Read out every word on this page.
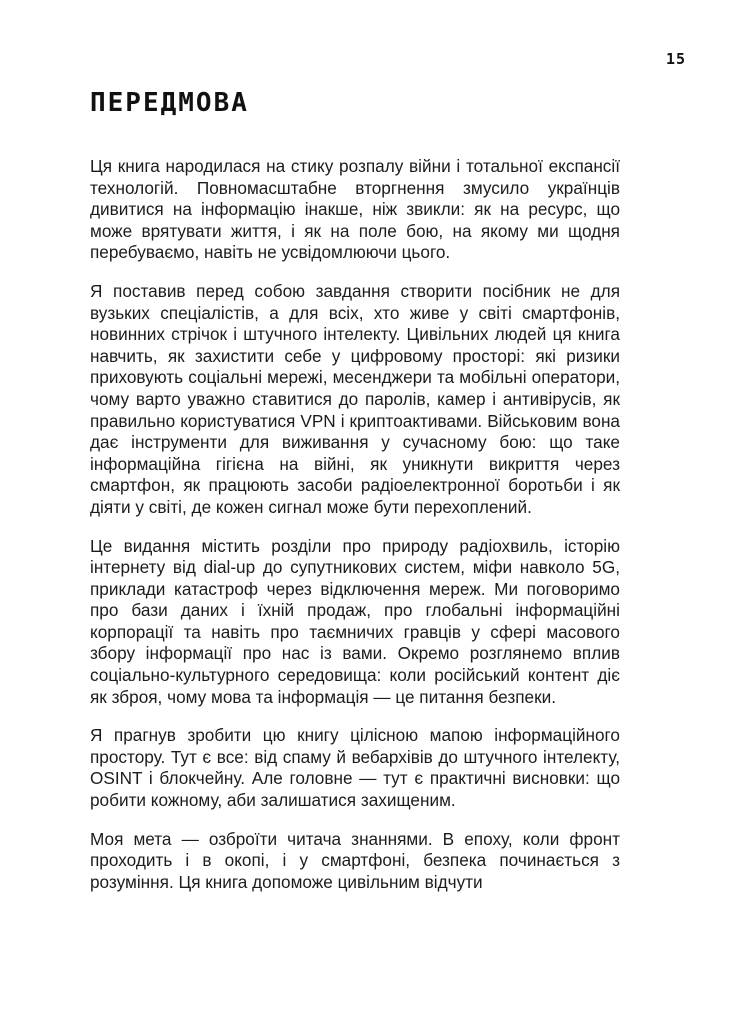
15
ПЕРЕДМОВА

Ця книга народилася на стику розпалу війни і тотальної експансії технологій. Повномасштабне вторгнення змусило українців дивитися на інформацію інакше, ніж звикли: як на ресурс, що може врятувати життя, і як на поле бою, на якому ми щодня перебуваємо, навіть не усвідомлюючи цього.

Я поставив перед собою завдання створити посібник не для вузьких спеціалістів, а для всіх, хто живе у світі смартфонів, новинних стрічок і штучного інтелекту. Цивільних людей ця книга навчить, як захистити себе у цифровому просторі: які ризики приховують соціальні мережі, месенджери та мобільні оператори, чому варто уважно ставитися до паролів, камер і антивірусів, як правильно користуватися VPN і криптоактивами. Військовим вона дає інструменти для виживання у сучасному бою: що таке інформаційна гігієна на війні, як уникнути викриття через смартфон, як працюють засоби радіоелектронної боротьби і як діяти у світі, де кожен сигнал може бути перехоплений.

Це видання містить розділи про природу радіохвиль, історію інтернету від dial-up до супутникових систем, міфи навколо 5G, приклади катастроф через відключення мереж. Ми поговоримо про бази даних і їхній продаж, про глобальні інформаційні корпорації та навіть про таємничих гравців у сфері масового збору інформації про нас із вами. Окремо розглянемо вплив соціально-культурного середовища: коли російський контент діє як зброя, чому мова та інформація — це питання безпеки.

Я прагнув зробити цю книгу цілісною мапою інформаційного простору. Тут є все: від спаму й вебархівів до штучного інтелекту, OSINT і блокчейну. Але головне — тут є практичні висновки: що робити кожному, аби залишатися захищеним.

Моя мета — озброїти читача знаннями. В епоху, коли фронт проходить і в окопі, і у смартфоні, безпека починається з розуміння. Ця книга допоможе цивільним відчути
